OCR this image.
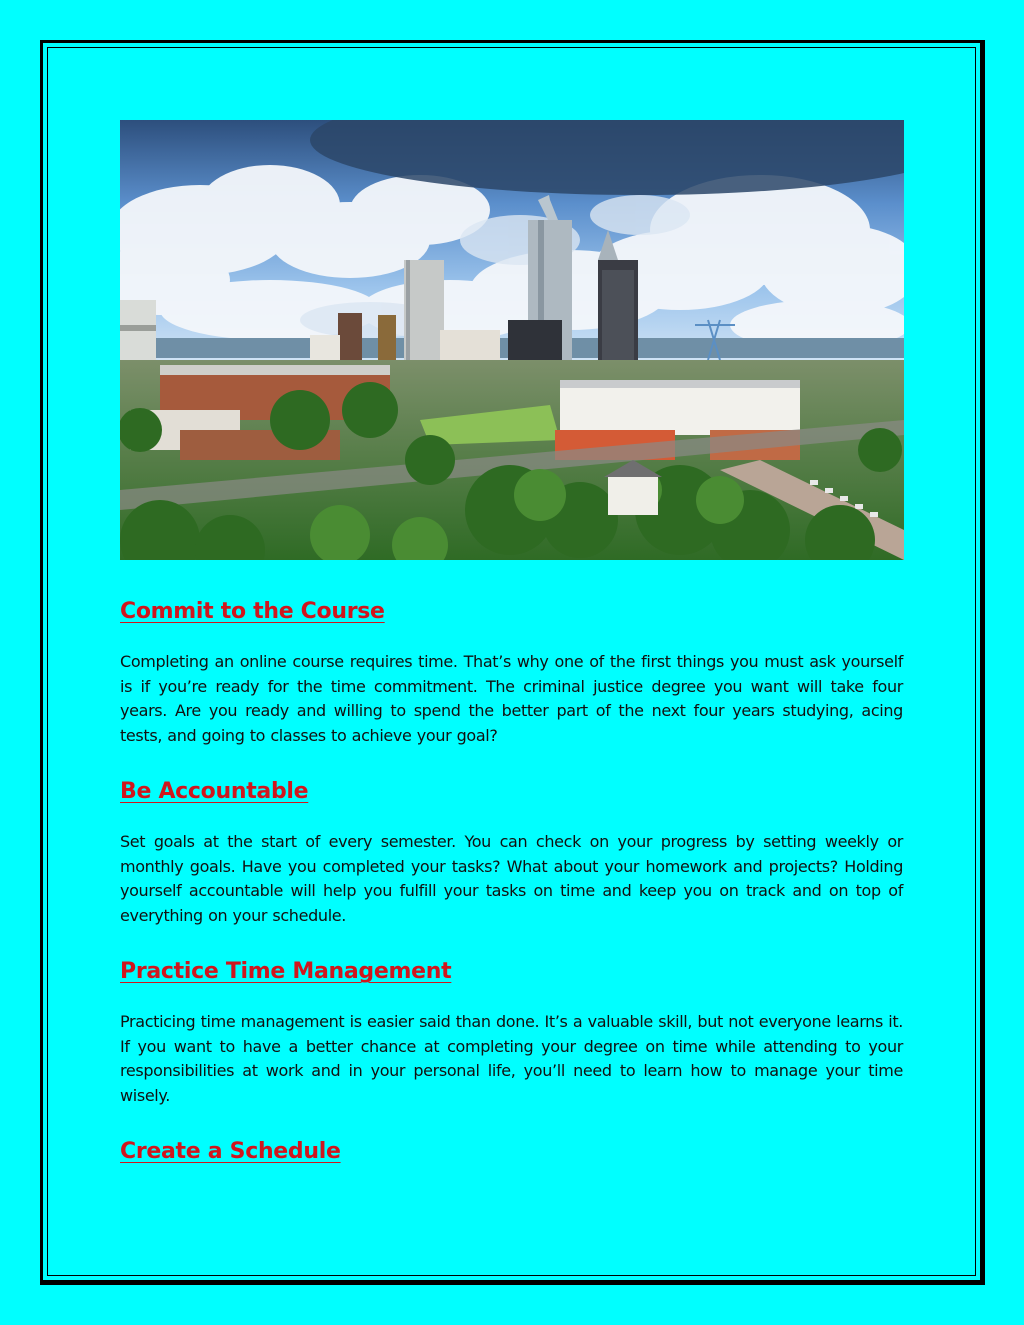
Commit to the Course

Completing an online course requires time. That’s why one of the first things you must ask yourself is if you’re ready for the time commitment. The criminal justice degree you want will take four years. Are you ready and willing to spend the better part of the next four years studying, acing tests, and going to classes to achieve your goal?

Be Accountable

Set goals at the start of every semester. You can check on your progress by setting weekly or monthly goals. Have you completed your tasks? What about your homework and projects? Holding yourself accountable will help you fulfill your tasks on time and keep you on track and on top of everything on your schedule.

Practice Time Management

Practicing time management is easier said than done. It’s a valuable skill, but not everyone learns it. If you want to have a better chance at completing your degree on time while attending to your responsibilities at work and in your personal life, you’ll need to learn how to manage your time wisely.

Create a Schedule
